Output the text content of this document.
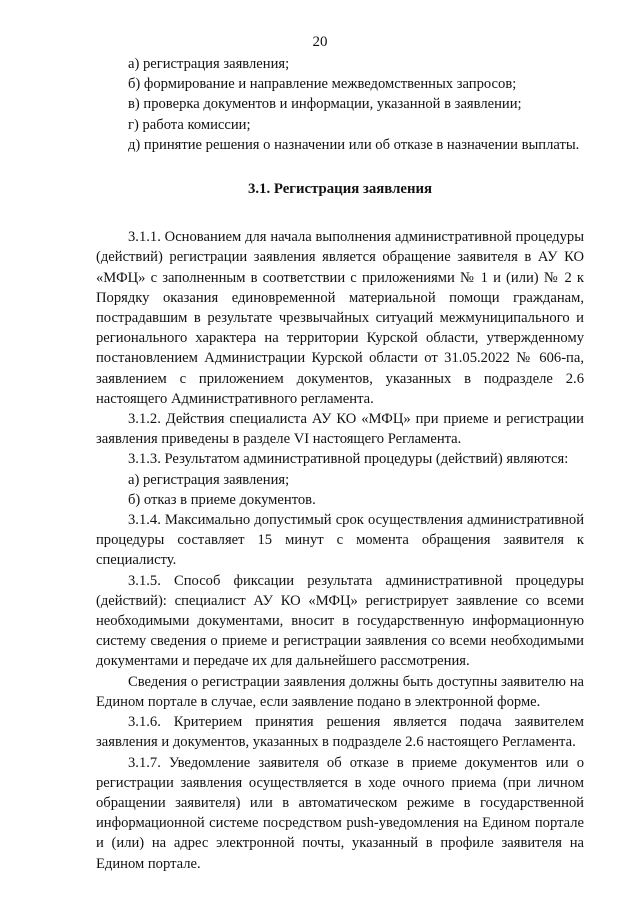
20

а) регистрация заявления;

б) формирование и направление межведомственных запросов;

в) проверка документов и информации, указанной в заявлении;

г) работа комиссии;

д) принятие решения о назначении или об отказе в назначении выплаты.

3.1. Регистрация заявления

3.1.1. Основанием для начала выполнения административной процедуры (действий) регистрации заявления является обращение заявителя в АУ КО «МФЦ» с заполненным в соответствии с приложениями № 1 и (или) № 2 к Порядку оказания единовременной материальной помощи гражданам, пострадавшим в результате чрезвычайных ситуаций межмуниципального и регионального характера на территории Курской области, утвержденному постановлением Администрации Курской области от 31.05.2022 № 606-па, заявлением с приложением документов, указанных в подразделе 2.6 настоящего Административного регламента.

3.1.2. Действия специалиста АУ КО «МФЦ» при приеме и регистрации заявления приведены в разделе VI настоящего Регламента.

3.1.3. Результатом административной процедуры (действий) являются:

а) регистрация заявления;

б) отказ в приеме документов.

3.1.4. Максимально допустимый срок осуществления административной процедуры составляет 15 минут с момента обращения заявителя к специалисту.

3.1.5. Способ фиксации результата административной процедуры (действий): специалист АУ КО «МФЦ» регистрирует заявление со всеми необходимыми документами, вносит в государственную информационную систему сведения о приеме и регистрации заявления со всеми необходимыми документами и передаче их для дальнейшего рассмотрения.

Сведения о регистрации заявления должны быть доступны заявителю на Едином портале в случае, если заявление подано в электронной форме.

3.1.6. Критерием принятия решения является подача заявителем заявления и документов, указанных в подразделе 2.6 настоящего Регламента.

3.1.7. Уведомление заявителя об отказе в приеме документов или о регистрации заявления осуществляется в ходе очного приема (при личном обращении заявителя) или в автоматическом режиме в государственной информационной системе посредством push-уведомления на Едином портале и (или) на адрес электронной почты, указанный в профиле заявителя на Едином портале.
